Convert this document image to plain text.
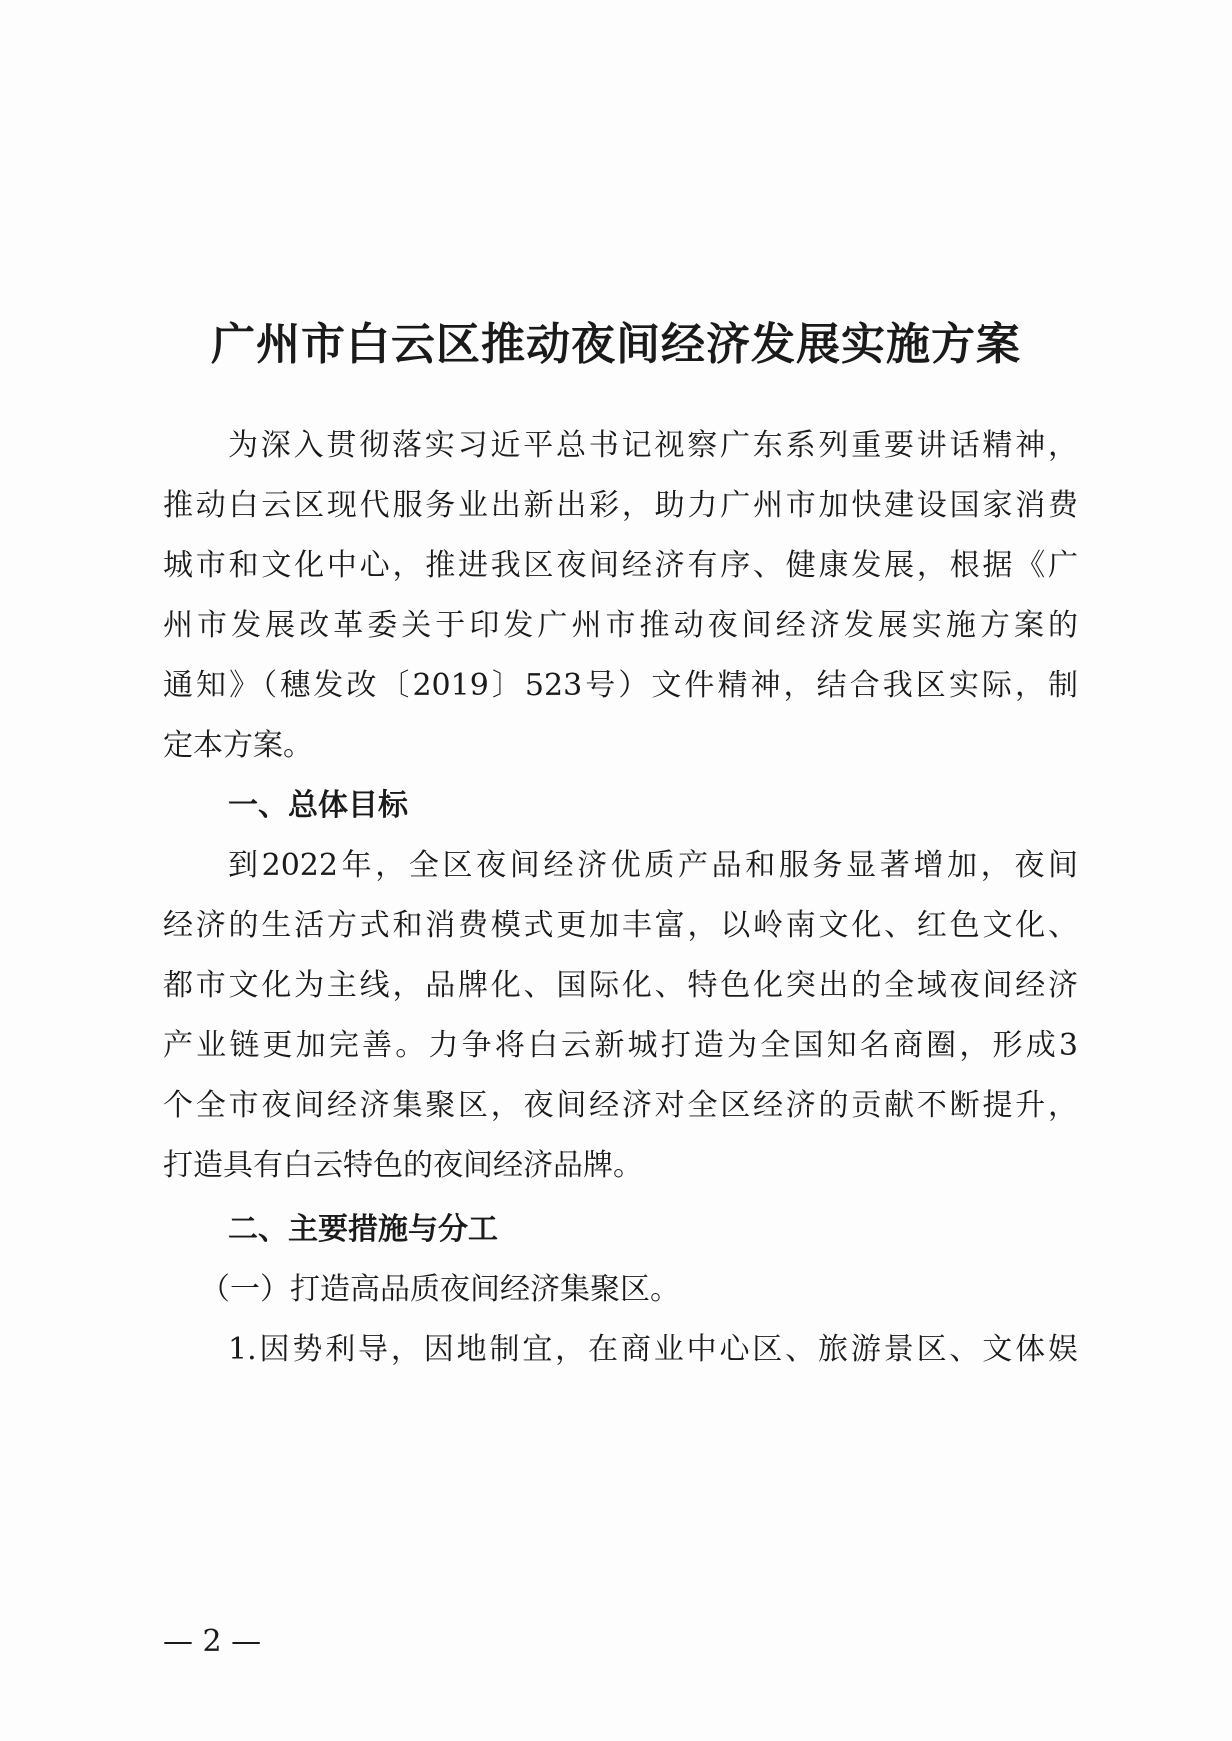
广州市白云区推动夜间经济发展实施方案

为深入贯彻落实习近平总书记视察广东系列重要讲话精神，

推动白云区现代服务业出新出彩，助力广州市加快建设国家消费

城市和文化中心，推进我区夜间经济有序、健康发展，根据《广

州市发展改革委关于印发广州市推动夜间经济发展实施方案的

通知》（穗发改〔2019〕523号）文件精神，结合我区实际，制

定本方案。

一、总体目标

到2022年，全区夜间经济优质产品和服务显著增加，夜间

经济的生活方式和消费模式更加丰富，以岭南文化、红色文化、

都市文化为主线，品牌化、国际化、特色化突出的全域夜间经济

产业链更加完善。力争将白云新城打造为全国知名商圈，形成3

个全市夜间经济集聚区，夜间经济对全区经济的贡献不断提升，

打造具有白云特色的夜间经济品牌。

二、主要措施与分工

（一）打造高品质夜间经济集聚区。

1.因势利导，因地制宜，在商业中心区、旅游景区、文体娱

— 2 —
